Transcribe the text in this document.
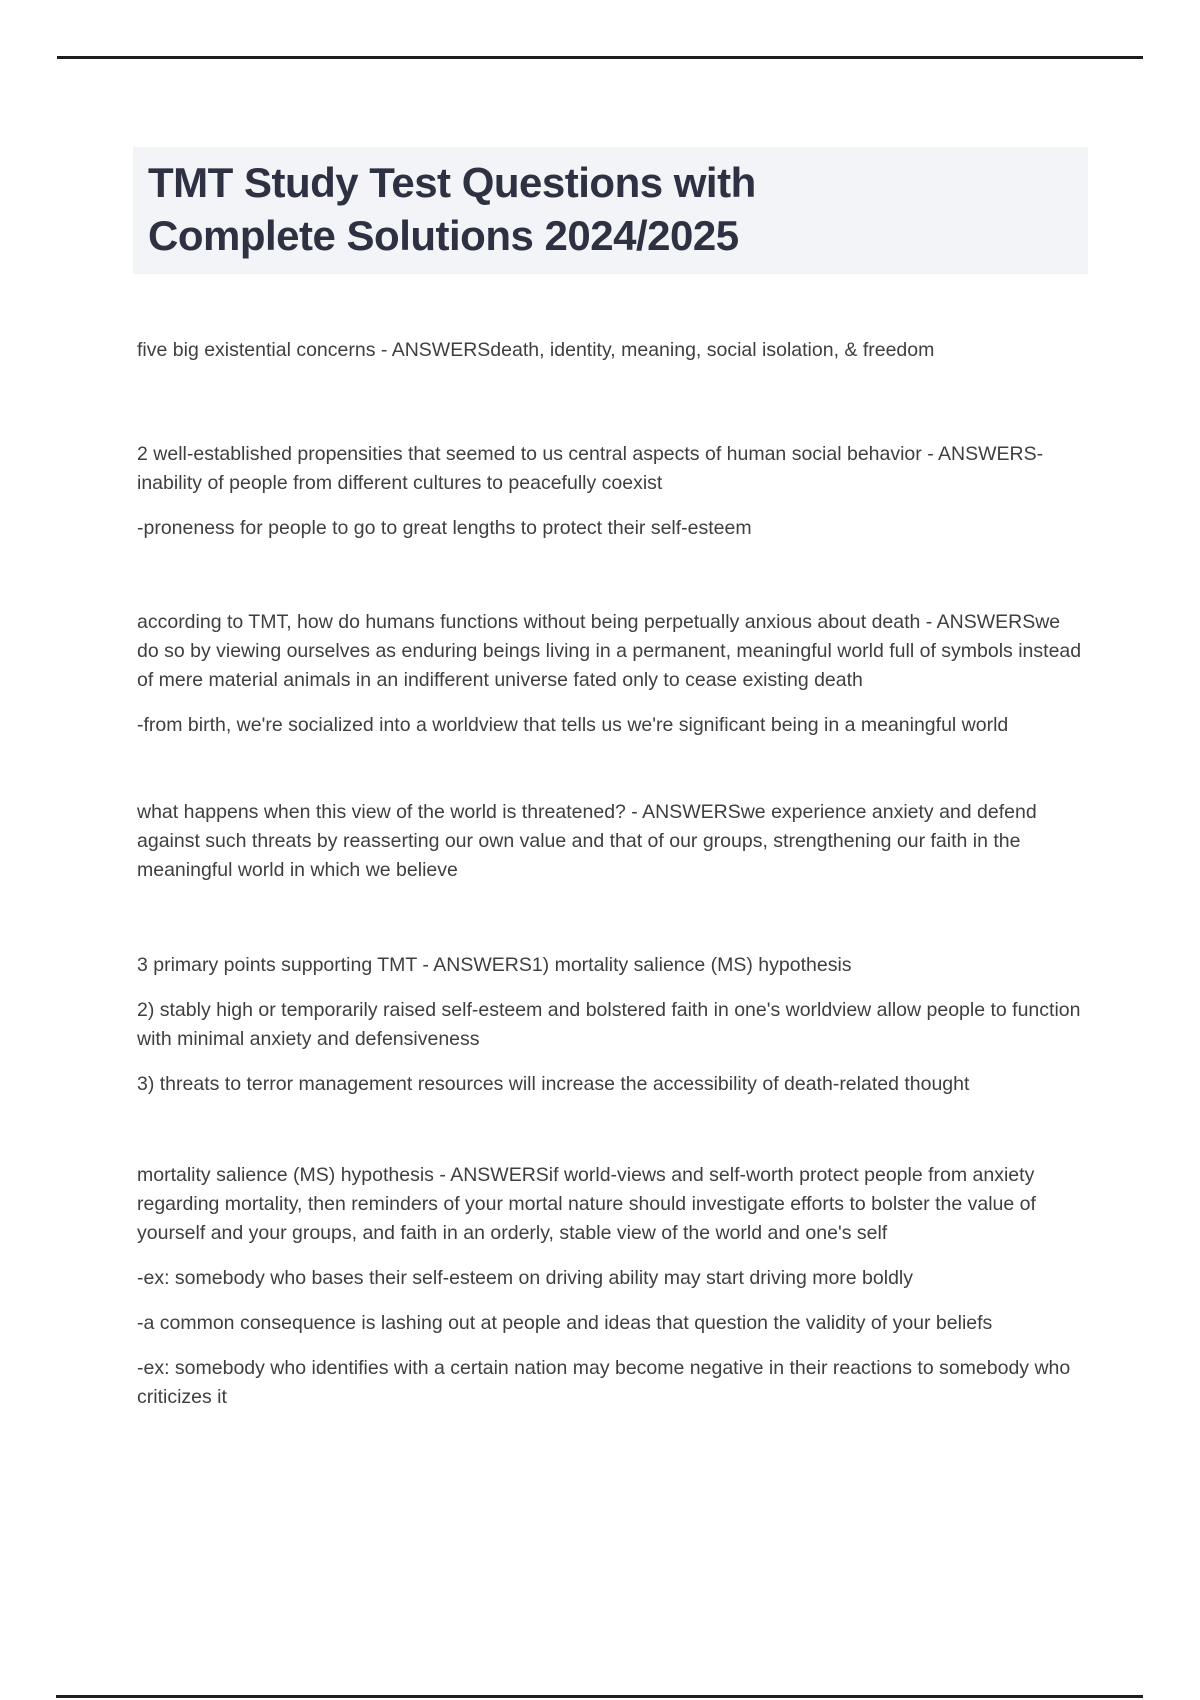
TMT Study Test Questions with Complete Solutions 2024/2025

five big existential concerns - ANSWERSdeath, identity, meaning, social isolation, & freedom

2 well-established propensities that seemed to us central aspects of human social behavior - ANSWERS-inability of people from different cultures to peacefully coexist

-proneness for people to go to great lengths to protect their self-esteem

according to TMT, how do humans functions without being perpetually anxious about death - ANSWERSwe do so by viewing ourselves as enduring beings living in a permanent, meaningful world full of symbols instead of mere material animals in an indifferent universe fated only to cease existing death

-from birth, we're socialized into a worldview that tells us we're significant being in a meaningful world

what happens when this view of the world is threatened? - ANSWERSwe experience anxiety and defend against such threats by reasserting our own value and that of our groups, strengthening our faith in the meaningful world in which we believe

3 primary points supporting TMT - ANSWERS1) mortality salience (MS) hypothesis

2) stably high or temporarily raised self-esteem and bolstered faith in one's worldview allow people to function with minimal anxiety and defensiveness

3) threats to terror management resources will increase the accessibility of death-related thought

mortality salience (MS) hypothesis - ANSWERSif world-views and self-worth protect people from anxiety regarding mortality, then reminders of your mortal nature should investigate efforts to bolster the value of yourself and your groups, and faith in an orderly, stable view of the world and one's self

-ex: somebody who bases their self-esteem on driving ability may start driving more boldly

-a common consequence is lashing out at people and ideas that question the validity of your beliefs

-ex: somebody who identifies with a certain nation may become negative in their reactions to somebody who criticizes it
